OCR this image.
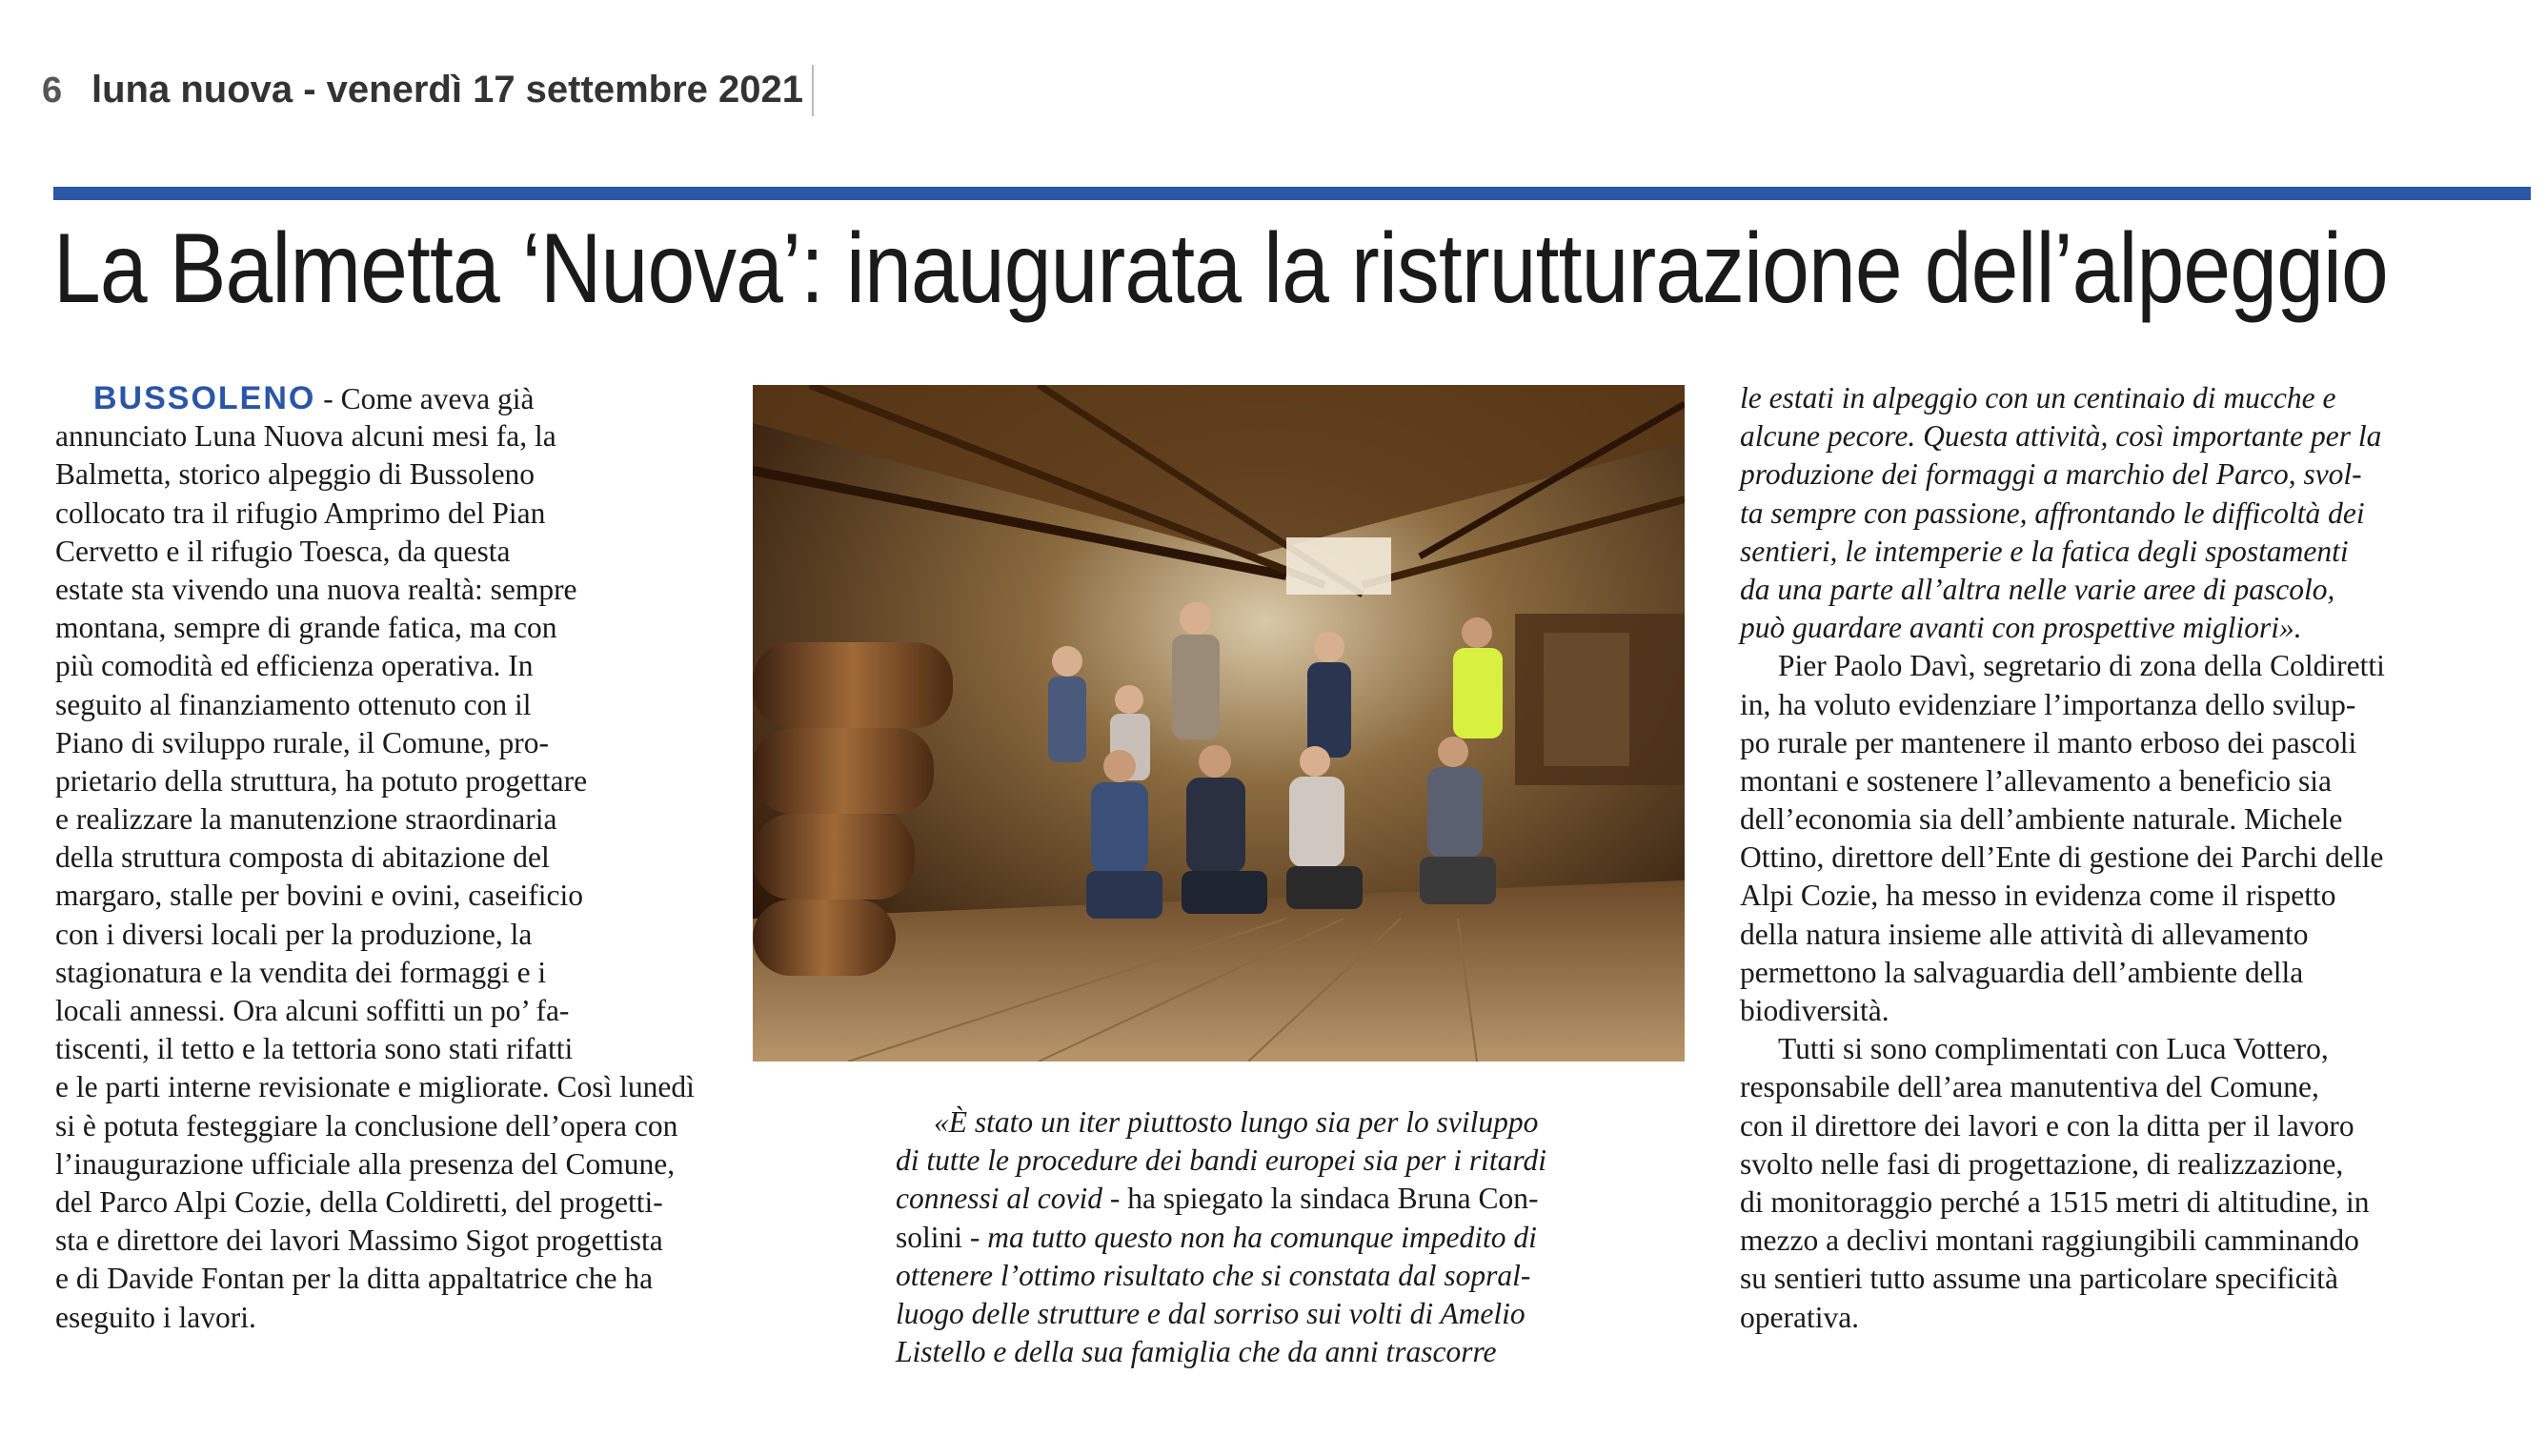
6 luna nuova - venerdì 17 settembre 2021
La Balmetta ‘Nuova’: inaugurata la ristrutturazione dell’alpeggio
BUSSOLENO - Come aveva già
annunciato Luna Nuova alcuni mesi fa, la
Balmetta, storico alpeggio di Bussoleno
collocato tra il rifugio Amprimo del Pian
Cervetto e il rifugio Toesca, da questa
estate sta vivendo una nuova realtà: sempre
montana, sempre di grande fatica, ma con
più comodità ed efficienza operativa. In
seguito al finanziamento ottenuto con il
Piano di sviluppo rurale, il Comune, pro-
prietario della struttura, ha potuto progettare
e realizzare la manutenzione straordinaria
della struttura composta di abitazione del
margaro, stalle per bovini e ovini, caseificio
con i diversi locali per la produzione, la
stagionatura e la vendita dei formaggi e i
locali annessi. Ora alcuni soffitti un po’ fa-
tiscenti, il tetto e la tettoria sono stati rifatti
e le parti interne revisionate e migliorate. Così lunedì
si è potuta festeggiare la conclusione dell’opera con
l’inaugurazione ufficiale alla presenza del Comune,
del Parco Alpi Cozie, della Coldiretti, del progetti-
sta e direttore dei lavori Massimo Sigot progettista
e di Davide Fontan per la ditta appaltatrice che ha
eseguito i lavori.
«È stato un iter piuttosto lungo sia per lo sviluppo
di tutte le procedure dei bandi europei sia per i ritardi
connessi al covid - ha spiegato la sindaca Bruna Con-
solini - ma tutto questo non ha comunque impedito di
ottenere l’ottimo risultato che si constata dal sopral-
luogo delle strutture e dal sorriso sui volti di Amelio
Listello e della sua famiglia che da anni trascorre
le estati in alpeggio con un centinaio di mucche e
alcune pecore. Questa attività, così importante per la
produzione dei formaggi a marchio del Parco, svol-
ta sempre con passione, affrontando le difficoltà dei
sentieri, le intemperie e la fatica degli spostamenti
da una parte all’altra nelle varie aree di pascolo,
può guardare avanti con prospettive migliori».
Pier Paolo Davì, segretario di zona della Coldiretti
in, ha voluto evidenziare l’importanza dello svilup-
po rurale per mantenere il manto erboso dei pascoli
montani e sostenere l’allevamento a beneficio sia
dell’economia sia dell’ambiente naturale. Michele
Ottino, direttore dell’Ente di gestione dei Parchi delle
Alpi Cozie, ha messo in evidenza come il rispetto
della natura insieme alle attività di allevamento
permettono la salvaguardia dell’ambiente della
biodiversità.
Tutti si sono complimentati con Luca Vottero,
responsabile dell’area manutentiva del Comune,
con il direttore dei lavori e con la ditta per il lavoro
svolto nelle fasi di progettazione, di realizzazione,
di monitoraggio perché a 1515 metri di altitudine, in
mezzo a declivi montani raggiungibili camminando
su sentieri tutto assume una particolare specificità
operativa.
